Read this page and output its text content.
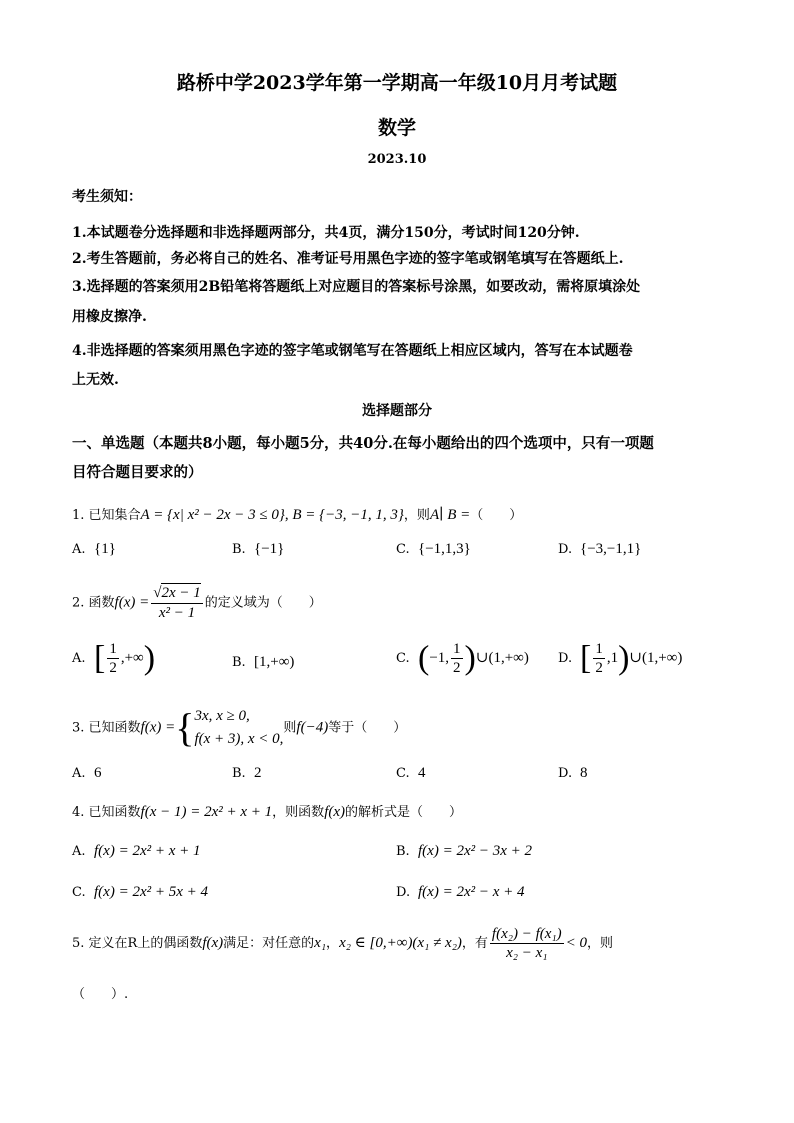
路桥中学2023学年第一学期高一年级10月月考试题
数学
2023.10
考生须知：
1.本试题卷分选择题和非选择题两部分，共4页，满分150分，考试时间120分钟.
2.考生答题前，务必将自己的姓名、准考证号用黑色字迹的签字笔或钢笔填写在答题纸上.
3.选择题的答案须用2B铅笔将答题纸上对应题目的答案标号涂黑，如要改动，需将原填涂处
用橡皮擦净.
4.非选择题的答案须用黑色字迹的签字笔或钢笔写在答题纸上相应区域内，答写在本试题卷
上无效.
选择题部分
一、单选题（本题共8小题，每小题5分，共40分.在每小题给出的四个选项中，只有一项题
目符合题目要求的）
1. 已知集合A = {x| x² − 2x − 3 ≤ 0}, B = {−3, −1, 1, 3}，则A∣ B =（　　）
A. {1}	B. {−1}	C. {−1,1,3}	D. {−3,−1,1}
2. 函数$f(x) = \frac{√2x - 1}{\text{x² − 1}}$ 的定义域为（　　）
A. [ $\frac{1}{2}$ ,+∞)	B. [1,+∞)	C. (−1, $\frac{1}{2}$ )∪(1,+∞) D. [ $\frac{1}{2}$ ,1)∪(1,+∞)
3. 已知函数f(x) ={ 3x, x ≥ 0,
f(x + 3), x < 0,
则f(−4)等于（　　）
A. 6	B. 2	C. 4	D. 8
4. 已知函数f(x − 1) = 2x² + x + 1，则函数f(x)的解析式是（　　）
A. f(x) = 2x² + x + 1	B. f(x) = 2x² − 3x + 2
C. f(x) = 2x² + 5x + 4	D. f(x) = 2x² − x + 4
5. 定义在R上的偶函数f(x)满足：对任意的x₁，x₂ ∈ [0,+∞)(x₁ ≠ x₂)，有 $\frac{\text{f(x₂) − f(x₁)}}{\text{x₂ − x₁}} < 0$，则
（　　）.
